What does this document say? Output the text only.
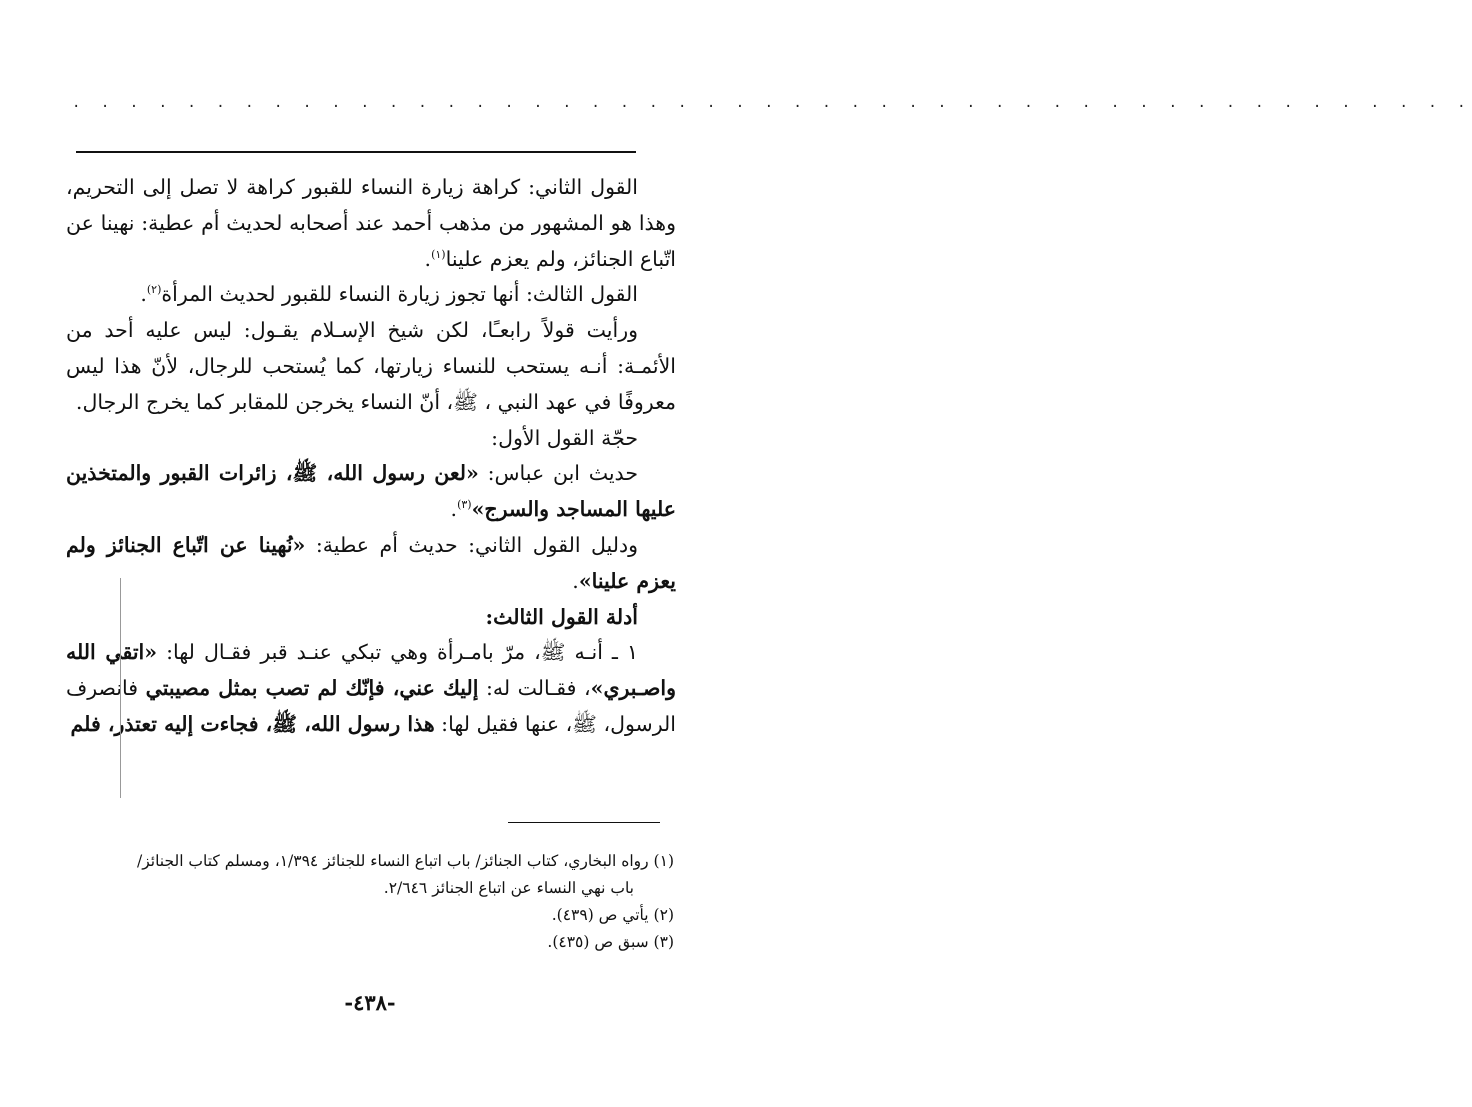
· · · · · · · · · · · · · · · · · · · · · · · · · · · · · · · · · · · · · · · · · · · · · · · · ·

القول الثاني: كراهة زيارة النساء للقبور كراهة لا تصل إلى التحريم، وهذا هو المشهور من مذهب أحمد عند أصحابه لحديث أم عطية: نهينا عن اتّباع الجنائز، ولم يعزم علينا$^{(١)}$.

القول الثالث: أنها تجوز زيارة النساء للقبور لحديث المرأة$^{(٢)}$.

ورأيت قولاً رابعـًا، لكن شيخ الإسـلام يقـول: ليس عليه أحد من الأئمـة: أنـه يستحب للنساء زيارتها، كما يُستحب للرجال، لأنّ هذا ليس معروفًا في عهد النبي ، ﷺ، أنّ النساء يخرجن للمقابر كما يخرج الرجال.

حجّة القول الأول:

حديث ابن عباس: «لعن رسول الله، ﷺ، زائرات القبور والمتخذين عليها المساجد والسرج»$^{(٣)}$.

ودليل القول الثاني: حديث أم عطية: «نُهينا عن اتّباع الجنائز ولم يعزم علينا».

أدلة القول الثالث:

١ ـ أنـه ﷺ، مرّ بامـرأة وهي تبكي عنـد قبر فقـال لها: «اتقي الله واصـبري»، فقـالت له: إليك عني، فإنّك لم تصب بمثل مصيبتي فانصرف الرسول، ﷺ، عنها فقيل لها: هذا رسول الله، ﷺ، فجاءت إليه تعتذر، فلم

(١) رواه البخاري، كتاب الجنائز/ باب اتباع النساء للجنائز ١/٣٩٤، ومسلم كتاب الجنائز/

باب نهي النساء عن اتباع الجنائز ٢/٦٤٦.

(٢) يأتي ص (٤٣٩).

(٣) سبق ص (٤٣٥).

-٤٣٨-
